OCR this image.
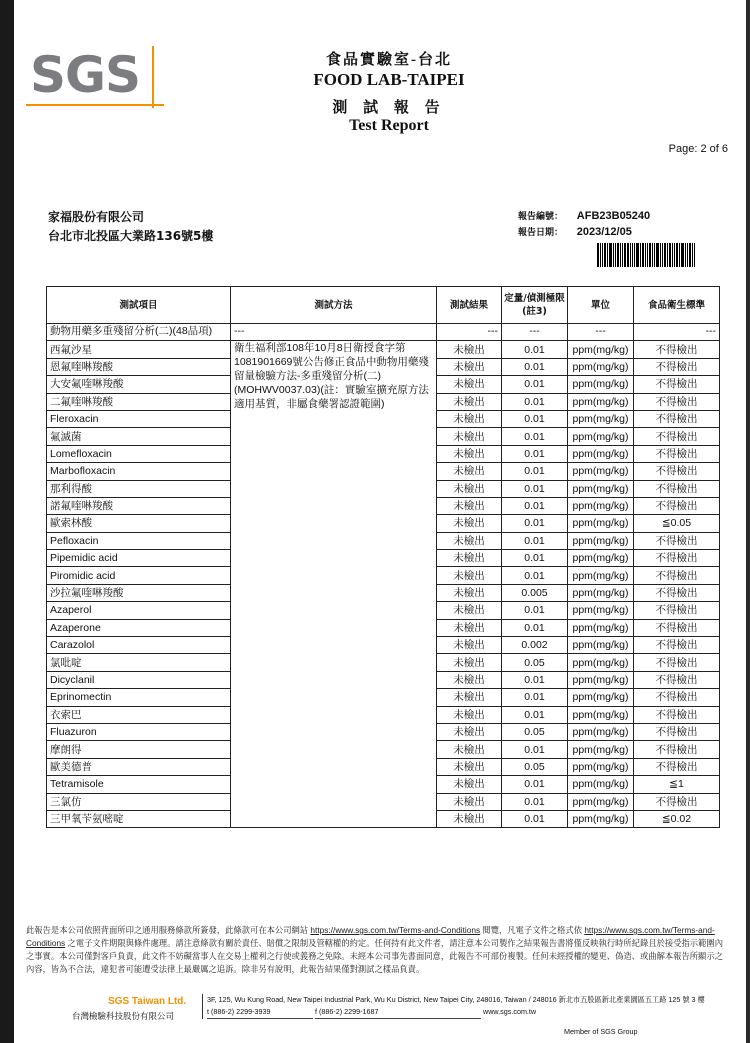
SGS	食品實驗室-台北
FOOD LAB-TAIPEI
測 試 報 告
Test Report
Page: 2 of 6
家福股份有限公司
台北市北投區大業路136號5樓
報告編號： AFB23B05240
報告日期： 2023/12/05
測試項目	測試方法	測試結果	定量/偵測極限(註3)	單位	食品衛生標準
動物用藥多重殘留分析(二)(48品項)	---	---	---	---	---
西氟沙星	衛生福利部108年10月8日衛授食字第1081901669號公告修正食品中動物用藥殘留量檢驗方法-多重殘留分析(二)(MOHWV0037.03)(註：實驗室擴充原方法適用基質，非屬食藥署認證範圍)	未檢出	0.01	ppm(mg/kg)	不得檢出
恩氟喹啉羧酸		未檢出	0.01	ppm(mg/kg)	不得檢出
大安氟喹啉羧酸		未檢出	0.01	ppm(mg/kg)	不得檢出
二氟喹啉羧酸		未檢出	0.01	ppm(mg/kg)	不得檢出
Fleroxacin		未檢出	0.01	ppm(mg/kg)	不得檢出
氟滅菌		未檢出	0.01	ppm(mg/kg)	不得檢出
Lomefloxacin		未檢出	0.01	ppm(mg/kg)	不得檢出
Marbofloxacin		未檢出	0.01	ppm(mg/kg)	不得檢出
那利得酸		未檢出	0.01	ppm(mg/kg)	不得檢出
諾氟喹啉羧酸		未檢出	0.01	ppm(mg/kg)	不得檢出
歐索林酸		未檢出	0.01	ppm(mg/kg)	≦0.05
Pefloxacin		未檢出	0.01	ppm(mg/kg)	不得檢出
Pipemidic acid		未檢出	0.01	ppm(mg/kg)	不得檢出
Piromidic acid		未檢出	0.01	ppm(mg/kg)	不得檢出
沙拉氟喹啉羧酸		未檢出	0.005	ppm(mg/kg)	不得檢出
Azaperol		未檢出	0.01	ppm(mg/kg)	不得檢出
Azaperone		未檢出	0.01	ppm(mg/kg)	不得檢出
Carazolol		未檢出	0.002	ppm(mg/kg)	不得檢出
氯吡啶		未檢出	0.05	ppm(mg/kg)	不得檢出
Dicyclanil		未檢出	0.01	ppm(mg/kg)	不得檢出
Eprinomectin		未檢出	0.01	ppm(mg/kg)	不得檢出
衣索巴		未檢出	0.01	ppm(mg/kg)	不得檢出
Fluazuron		未檢出	0.05	ppm(mg/kg)	不得檢出
摩朗得		未檢出	0.01	ppm(mg/kg)	不得檢出
歐美德普		未檢出	0.05	ppm(mg/kg)	不得檢出
Tetramisole		未檢出	0.01	ppm(mg/kg)	≦1
三氯仿		未檢出	0.01	ppm(mg/kg)	不得檢出
三甲氧苄氨嘧啶		未檢出	0.01	ppm(mg/kg)	≦0.02
此報告是本公司依照背面所印之通用服務條款所簽發，此條款可在本公司網站 https://www.sgs.com.tw/Terms-and-Conditions 閱覽，凡電子文件之格式依 https://www.sgs.com.tw/Terms-and-Conditions 之電子文件期限與條件處理。請注意條款有關於責任、賠償之限制及管轄權的約定。任何持有此文件者，請注意本公司製作之結果報告書將僅反映執行時所紀錄且於接受指示範圍內之事實。本公司僅對客戶負責，此文件不妨礙當事人在交易上權利之行使或義務之免除。未經本公司事先書面同意，此報告不可部份複製。任何未經授權的變更、偽造、或曲解本報告所顯示之內容，皆為不合法，違犯者可能遭受法律上最嚴厲之追訴。除非另有說明，此報告結果僅對測試之樣品負責。
SGS Taiwan Ltd.
台灣檢驗科技股份有限公司
3F, 125, Wu Kung Road, New Taipei Industrial Park, Wu Ku District, New Taipei City, 248016, Taiwan / 248016 新北市五股區新北產業園區五工路 125 號 3 樓
t (886-2) 2299-3939	f (886-2) 2299-1687	www.sgs.com.tw
Member of SGS Group
